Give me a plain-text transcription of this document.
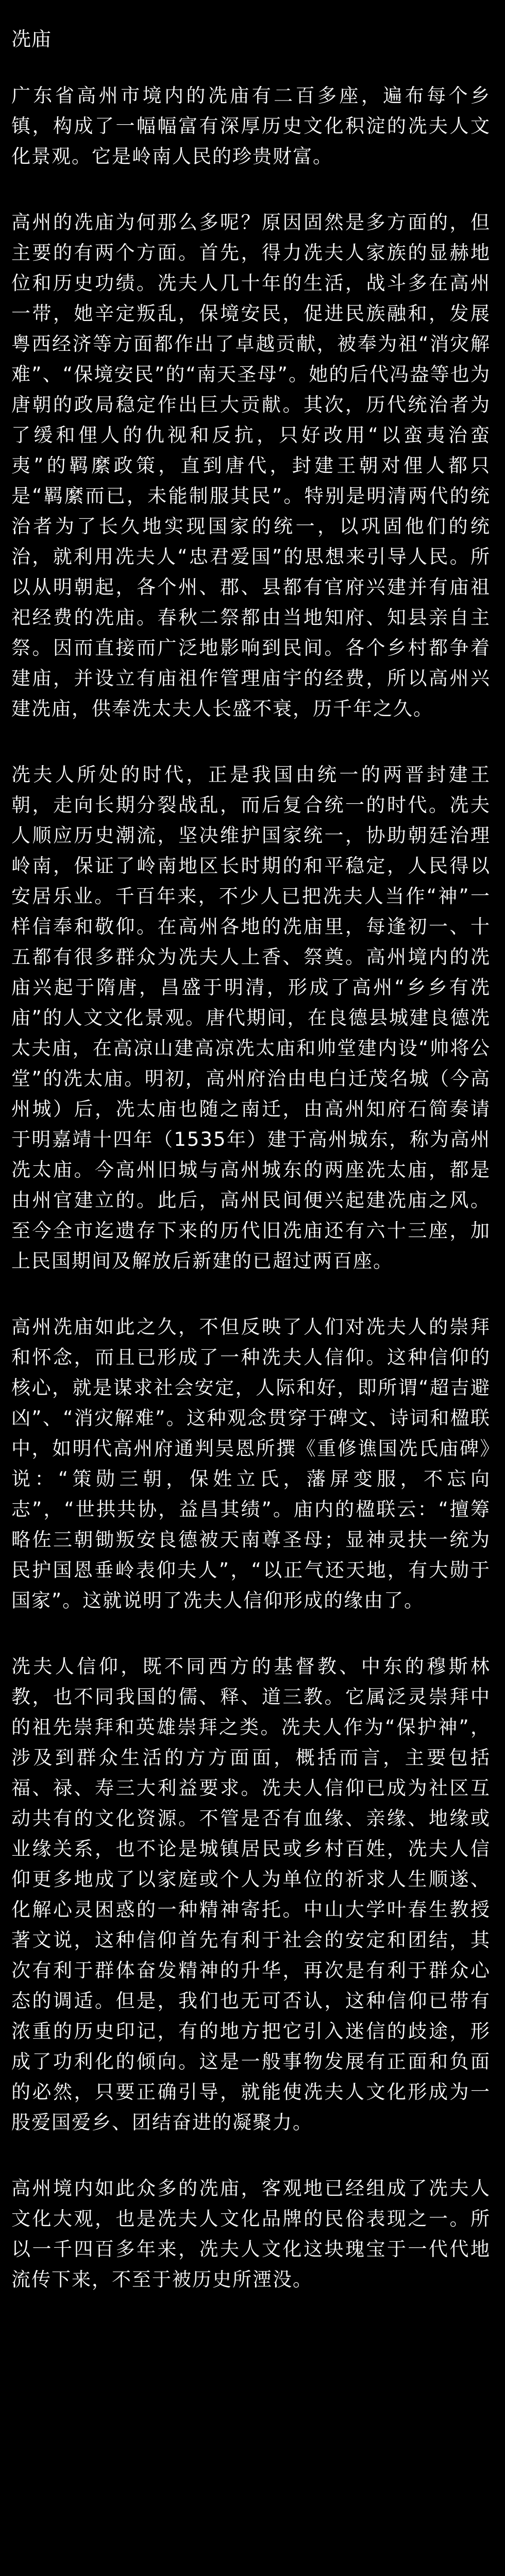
冼庙

广东省高州市境内的冼庙有二百多座，遍布每个乡镇，构成了一幅幅富有深厚历史文化积淀的冼夫人文化景观。它是岭南人民的珍贵财富。

高州的冼庙为何那么多呢？原因固然是多方面的，但主要的有两个方面。首先，得力冼夫人家族的显赫地位和历史功绩。冼夫人几十年的生活，战斗多在高州一带，她辛定叛乱，保境安民，促进民族融和，发展粤西经济等方面都作出了卓越贡献，被奉为祖“消灾解难”、“保境安民”的“南天圣母”。她的后代冯盎等也为唐朝的政局稳定作出巨大贡献。其次，历代统治者为了缓和俚人的仇视和反抗，只好改用“以蛮夷治蛮夷”的羁縻政策，直到唐代，封建王朝对俚人都只是“羁縻而已，未能制服其民”。特别是明清两代的统治者为了长久地实现国家的统一，以巩固他们的统治，就利用冼夫人“忠君爱国”的思想来引导人民。所以从明朝起，各个州、郡、县都有官府兴建并有庙祖祀经费的冼庙。春秋二祭都由当地知府、知县亲自主祭。因而直接而广泛地影响到民间。各个乡村都争着建庙，并设立有庙祖作管理庙宇的经费，所以高州兴建冼庙，供奉冼太夫人长盛不衰，历千年之久。

冼夫人所处的时代，正是我国由统一的两晋封建王朝，走向长期分裂战乱，而后复合统一的时代。冼夫人顺应历史潮流，坚决维护国家统一，协助朝廷治理岭南，保证了岭南地区长时期的和平稳定，人民得以安居乐业。千百年来，不少人已把冼夫人当作“神”一样信奉和敬仰。在高州各地的冼庙里，每逢初一、十五都有很多群众为冼夫人上香、祭奠。高州境内的冼庙兴起于隋唐，昌盛于明清，形成了高州“乡乡有冼庙”的人文文化景观。唐代期间，在良德县城建良德冼太夫庙，在高凉山建高凉冼太庙和帅堂建内设“帅将公堂”的冼太庙。明初，高州府治由电白迁茂名城（今高州城）后，冼太庙也随之南迁，由高州知府石简奏请于明嘉靖十四年（1535年）建于高州城东，称为高州冼太庙。今高州旧城与高州城东的两座冼太庙，都是由州官建立的。此后，高州民间便兴起建冼庙之风。至今全市迄遗存下来的历代旧冼庙还有六十三座，加上民国期间及解放后新建的已超过两百座。

高州冼庙如此之久，不但反映了人们对冼夫人的崇拜和怀念，而且已形成了一种冼夫人信仰。这种信仰的核心，就是谋求社会安定，人际和好，即所谓“超吉避凶”、“消灾解难”。这种观念贯穿于碑文、诗词和楹联中，如明代高州府通判吴恩所撰《重修谯国冼氏庙碑》说：“策勋三朝，保姓立氏，藩屏变服，不忘向志”，“世拱共协，益昌其绩”。庙内的楹联云：“擅筹略佐三朝锄叛安良德被天南尊圣母；显神灵扶一统为民护国恩垂岭表仰夫人”，“以正气还天地，有大勋于国家”。这就说明了冼夫人信仰形成的缘由了。

冼夫人信仰，既不同西方的基督教、中东的穆斯林教，也不同我国的儒、释、道三教。它属泛灵崇拜中的祖先崇拜和英雄崇拜之类。冼夫人作为“保护神”，涉及到群众生活的方方面面，概括而言，主要包括福、禄、寿三大利益要求。冼夫人信仰已成为社区互动共有的文化资源。不管是否有血缘、亲缘、地缘或业缘关系，也不论是城镇居民或乡村百姓，冼夫人信仰更多地成了以家庭或个人为单位的祈求人生顺遂、化解心灵困惑的一种精神寄托。中山大学叶春生教授著文说，这种信仰首先有利于社会的安定和团结，其次有利于群体奋发精神的升华，再次是有利于群众心态的调适。但是，我们也无可否认，这种信仰已带有浓重的历史印记，有的地方把它引入迷信的歧途，形成了功利化的倾向。这是一般事物发展有正面和负面的必然，只要正确引导，就能使冼夫人文化形成为一股爱国爱乡、团结奋进的凝聚力。

高州境内如此众多的冼庙，客观地已经组成了冼夫人文化大观，也是冼夫人文化品牌的民俗表现之一。所以一千四百多年来，冼夫人文化这块瑰宝于一代代地流传下来，不至于被历史所湮没。
